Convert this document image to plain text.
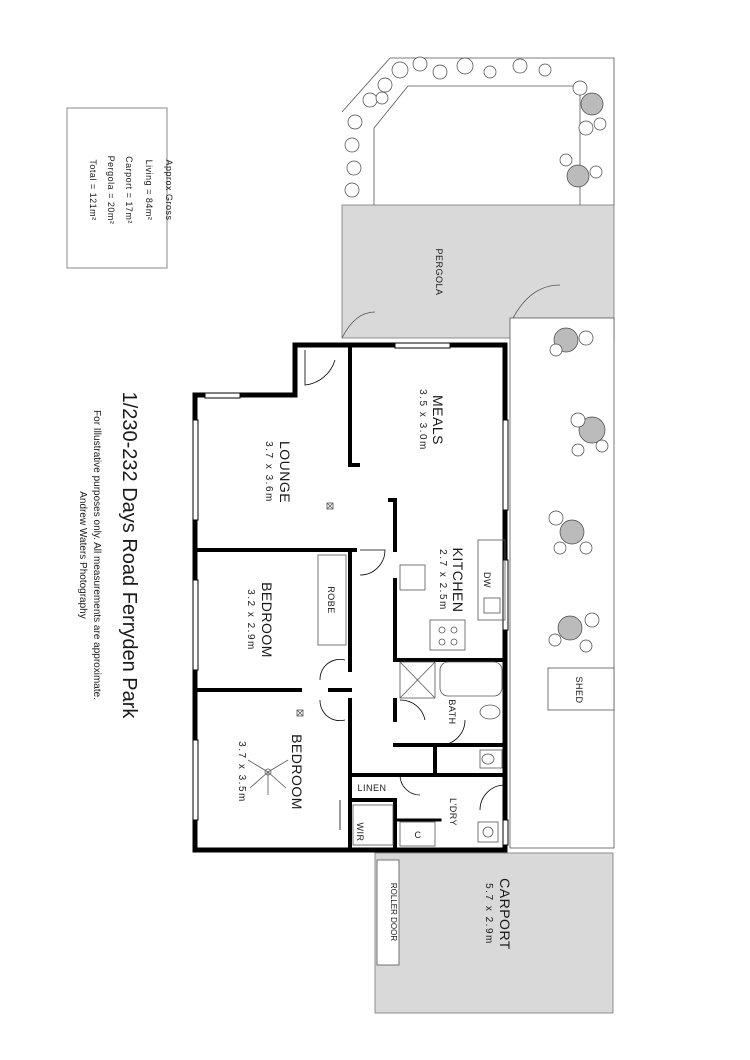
Approx Gross
Living = 84m²
Carport = 17m²
Pergola = 20m²
Total = 121m²
1/230-232 Days Road Ferryden Park
For Illustrative purposes only. All measurements are approximate.
Andrew Waters Photography
MEALS
3.5 x 3.0m
LOUNGE
3.7 x 3.6m
KITCHEN
2.7 x 2.5m
BEDROOM
3.2 x 2.9m
BEDROOM
3.7 x 3.5m
CARPORT
5.7 x 2.9m
PERGOLA
SHED
ROBE
BATH
LINEN
WIR
L'DRY
DW
C
ROLLER DOOR
